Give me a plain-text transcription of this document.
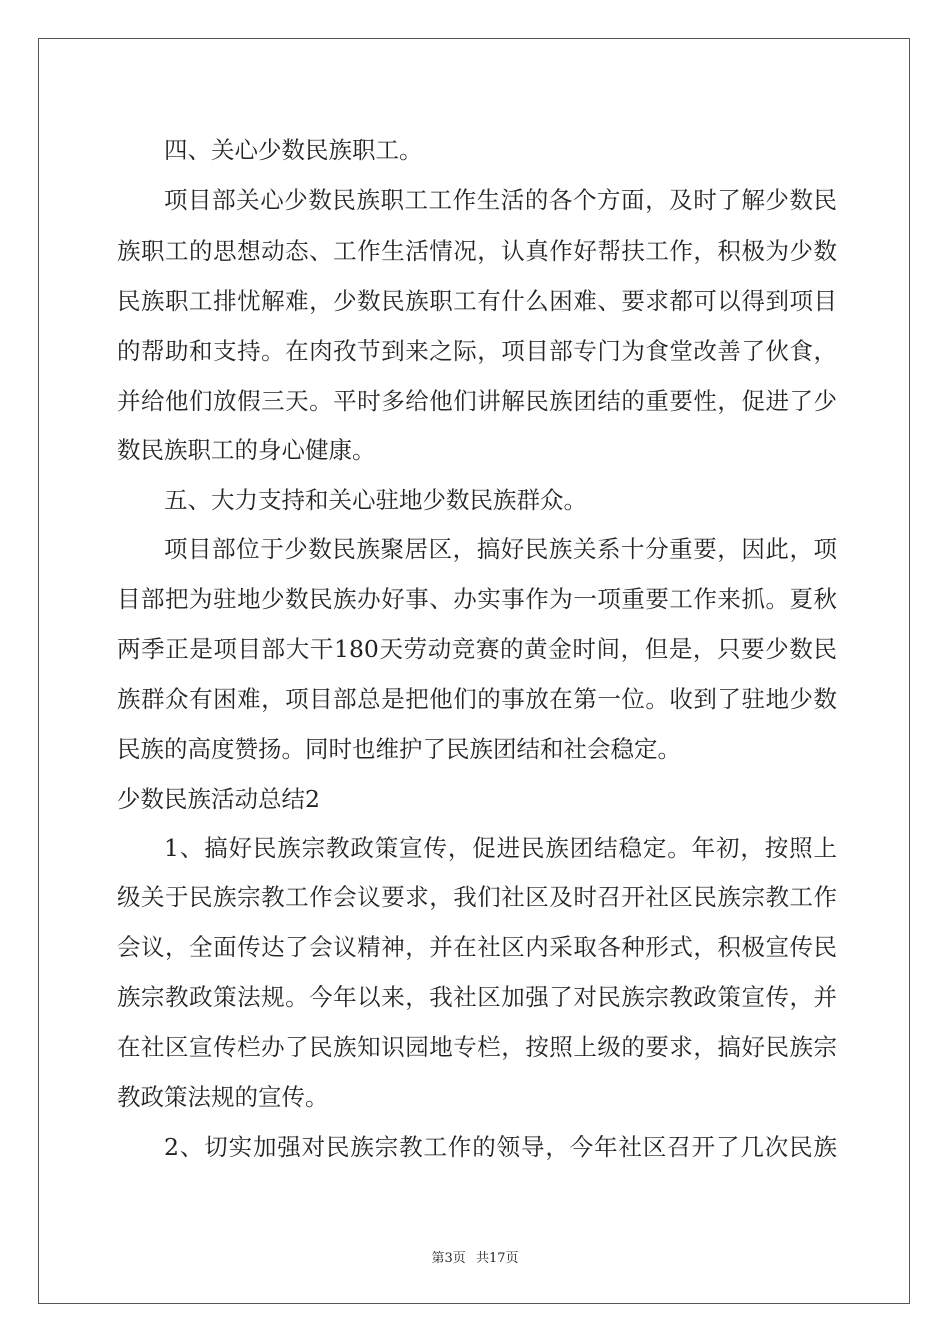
四、关心少数民族职工。
项目部关心少数民族职工工作生活的各个方面，及时了解少数民
族职工的思想动态、工作生活情况，认真作好帮扶工作，积极为少数
民族职工排忧解难，少数民族职工有什么困难、要求都可以得到项目
的帮助和支持。在肉孜节到来之际，项目部专门为食堂改善了伙食，
并给他们放假三天。平时多给他们讲解民族团结的重要性，促进了少
数民族职工的身心健康。
五、大力支持和关心驻地少数民族群众。
项目部位于少数民族聚居区，搞好民族关系十分重要，因此，项
目部把为驻地少数民族办好事、办实事作为一项重要工作来抓。夏秋
两季正是项目部大干180天劳动竞赛的黄金时间，但是，只要少数民
族群众有困难，项目部总是把他们的事放在第一位。收到了驻地少数
民族的高度赞扬。同时也维护了民族团结和社会稳定。
少数民族活动总结2
1、搞好民族宗教政策宣传，促进民族团结稳定。年初，按照上
级关于民族宗教工作会议要求，我们社区及时召开社区民族宗教工作
会议，全面传达了会议精神，并在社区内采取各种形式，积极宣传民
族宗教政策法规。今年以来，我社区加强了对民族宗教政策宣传，并
在社区宣传栏办了民族知识园地专栏，按照上级的要求，搞好民族宗
教政策法规的宣传。
2、切实加强对民族宗教工作的领导，今年社区召开了几次民族
第3页 共17页
